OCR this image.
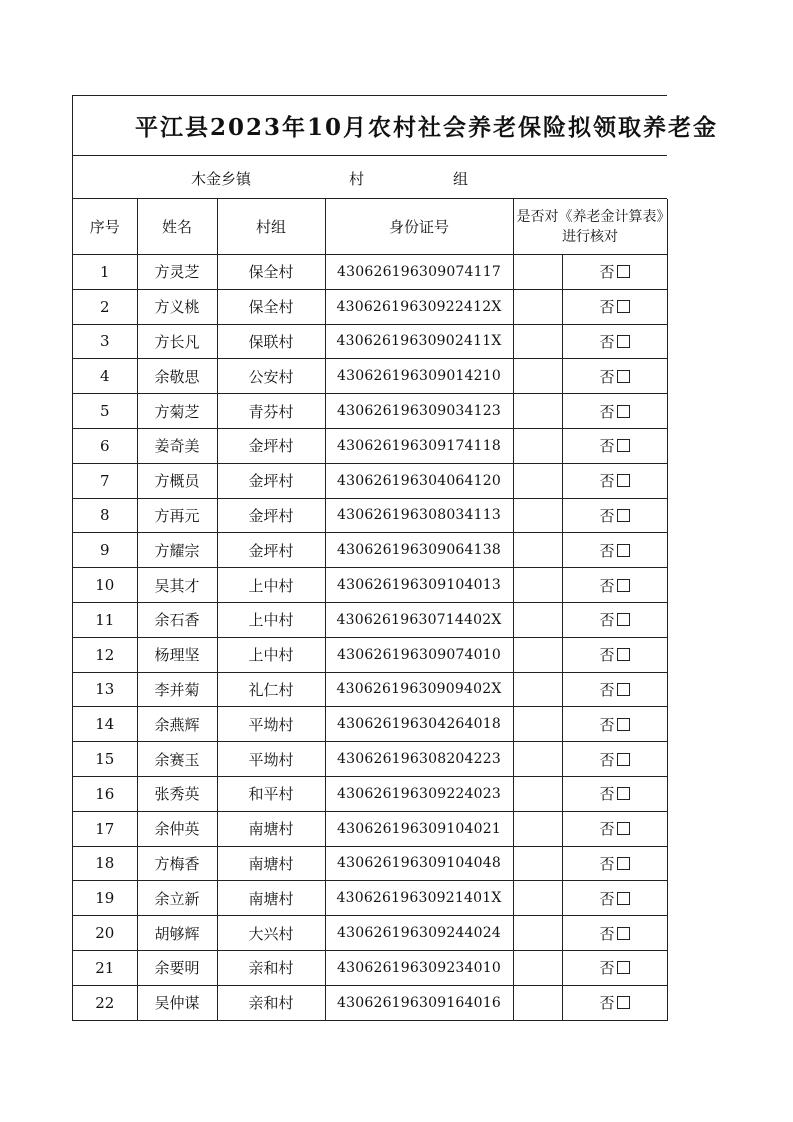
平江县2023年10月农村社会养老保险拟领取养老金
木金乡镇	村	组
序号	姓名	村组	身份证号	是否对《养老金计算表》进行核对	
1	方灵芝	保全村	430626196309074117		否
2	方义桃	保全村	43062619630922412X		否
3	方长凡	保联村	43062619630902411X		否
4	余敬思	公安村	430626196309014210		否
5	方菊芝	青芬村	430626196309034123		否
6	姜奇美	金坪村	430626196309174118		否
7	方概员	金坪村	430626196304064120		否
8	方再元	金坪村	430626196308034113		否
9	方耀宗	金坪村	430626196309064138		否
10	吴其才	上中村	430626196309104013		否
11	余石香	上中村	43062619630714402X		否
12	杨理坚	上中村	430626196309074010		否
13	李并菊	礼仁村	43062619630909402X		否
14	余燕辉	平坳村	430626196304264018		否
15	余赛玉	平坳村	430626196308204223		否
16	张秀英	和平村	430626196309224023		否
17	余仲英	南塘村	430626196309104021		否
18	方梅香	南塘村	430626196309104048		否
19	余立新	南塘村	43062619630921401X		否
20	胡够辉	大兴村	430626196309244024		否
21	余要明	亲和村	430626196309234010		否
22	吴仲谋	亲和村	430626196309164016		否
